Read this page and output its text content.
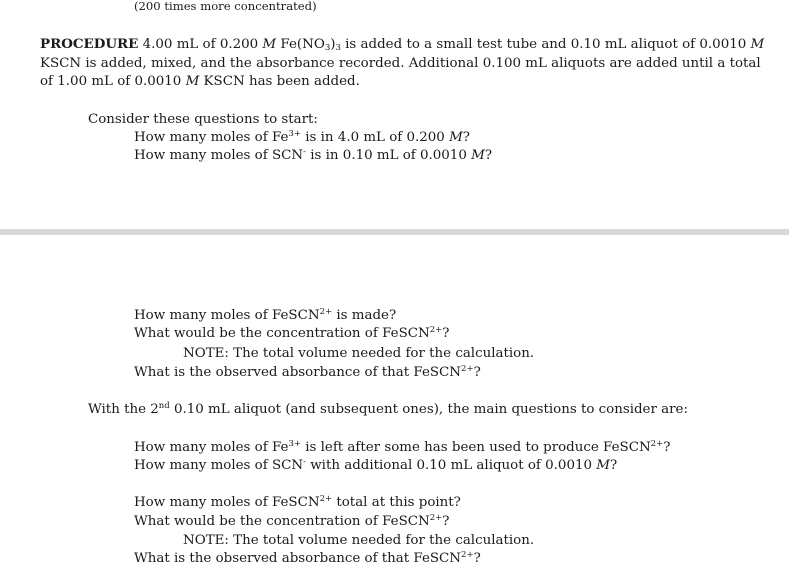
(200 times more concentrated)
PROCEDURE 4.00 mL of 0.200 M $Fe(NO_3)_3$ is added to a small test tube and 0.10 mL aliquot of 0.0010 M
KSCN is added, mixed, and the absorbance recorded. Additional 0.100 mL aliquots are added until a total
of 1.00 mL of 0.0010 M KSCN has been added.
Consider these questions to start:
How many moles of $Fe^{3+}$ is in 4.0 mL of 0.200 M?
How many moles of SCN- is in 0.10 mL of 0.0010 M?
How many moles of FeSCN$^{2+}$ is made?
What would be the concentration of FeSCN$^{2+}$?
NOTE: The total volume needed for the calculation.
What is the observed absorbance of that FeSCN$^{2+}$?
With the 2nd 0.10 mL aliquot (and subsequent ones), the main questions to consider are:
How many moles of $Fe^{3+}$ is left after some has been used to produce FeSCN$^{2+}$?
How many moles of SCN- with additional 0.10 mL aliquot of 0.0010 M?
How many moles of FeSCN$^{2+}$ total at this point?
What would be the concentration of FeSCN$^{2+}$?
NOTE: The total volume needed for the calculation.
What is the observed absorbance of that FeSCN$^{2+}$?
